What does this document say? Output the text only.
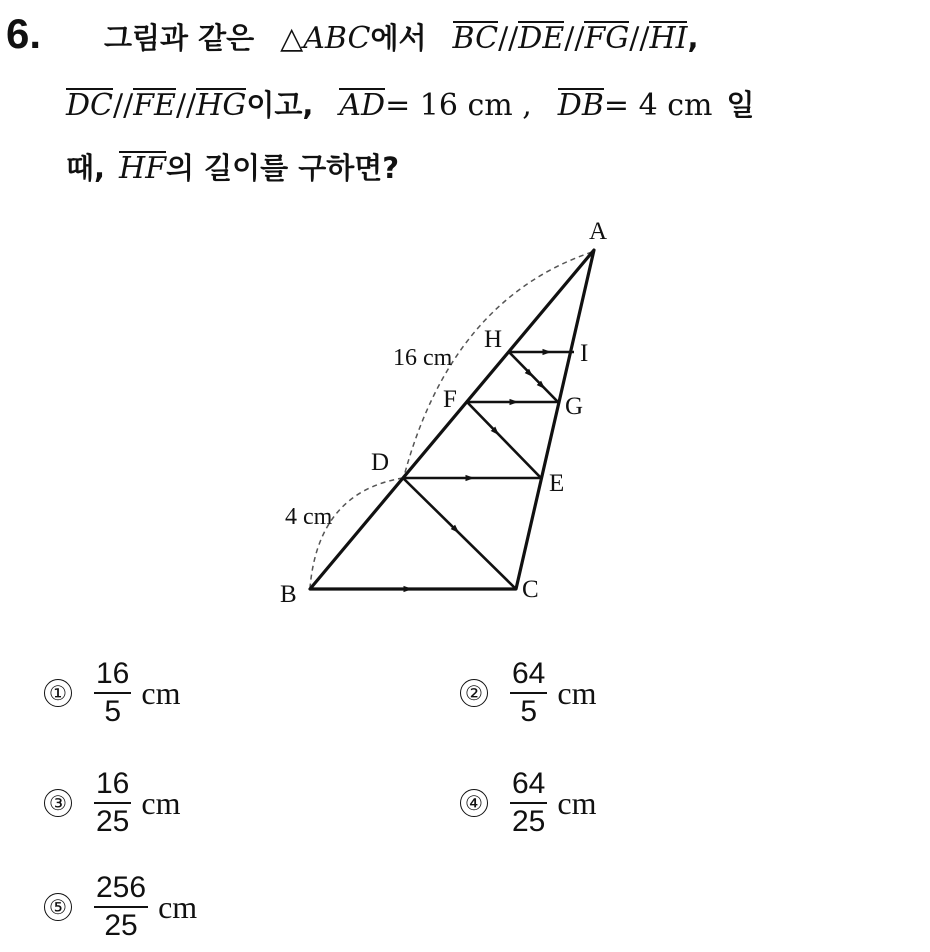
6. 그림과 같은 △ABC에서 BC//DE//FG//HI,
DC//FE//HG이고, AD= 16 cm , DB= 4 cm 일
때, HF의 길이를 구하면?
A
B	C
D
E
F	G
H
I
16 cm
4 cm
① $\frac{16}{5}$ cm	② $\frac{64}{5}$ cm
③ $\frac{16}{25}$ cm	④ $\frac{64}{25}$ cm
⑤ $\frac{256}{25}$ cm
